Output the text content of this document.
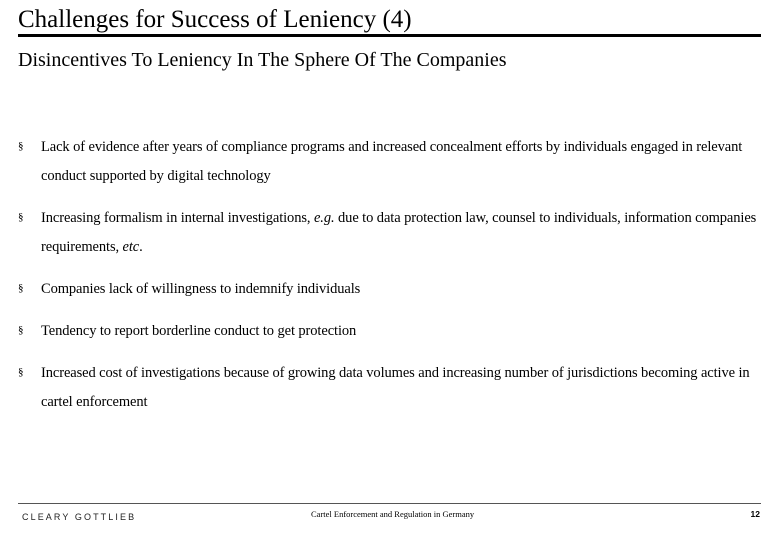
Challenges for Success of Leniency (4)
Disincentives To Leniency In The Sphere Of The Companies
§	Lack of evidence after years of compliance programs and increased concealment efforts by individuals engaged in relevant conduct supported by digital technology
§	Increasing formalism in internal investigations, e.g. due to data protection law, counsel to individuals, information companies requirements, etc.
§	Companies lack of willingness to indemnify individuals
§	Tendency to report borderline conduct to get protection
§	Increased cost of investigations because of growing data volumes and increasing number of jurisdictions becoming active in cartel enforcement
CLEARY GOTTLIEB	Cartel Enforcement and Regulation in Germany	12
